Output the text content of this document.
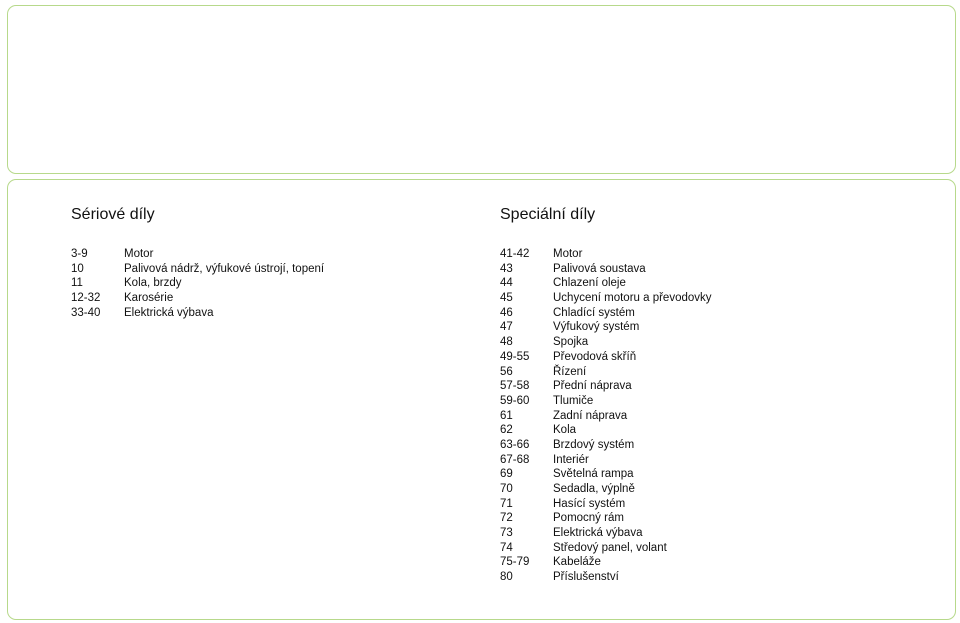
Sériové díly	Speciální díly
3-9	Motor
10	Palivová nádrž, výfukové ústrojí, topení
11	Kola, brzdy
12-32 Karosérie
33-40 Elektrická výbava
41-42 Motor
43	Palivová soustava
44	Chlazení oleje
45	Uchycení motoru a převodovky
46	Chladící systém
47	Výfukový systém
48	Spojka
49-55 Převodová skříň
56	Řízení
57-58 Přední náprava
59-60 Tlumiče
61	Zadní náprava
62	Kola
63-66 Brzdový systém
67-68 Interiér
69	Světelná rampa
70	Sedadla, výplně
71	Hasící systém
72	Pomocný rám
73	Elektrická výbava
74	Středový panel, volant
75-79 Kabeláže
80	Příslušenství
